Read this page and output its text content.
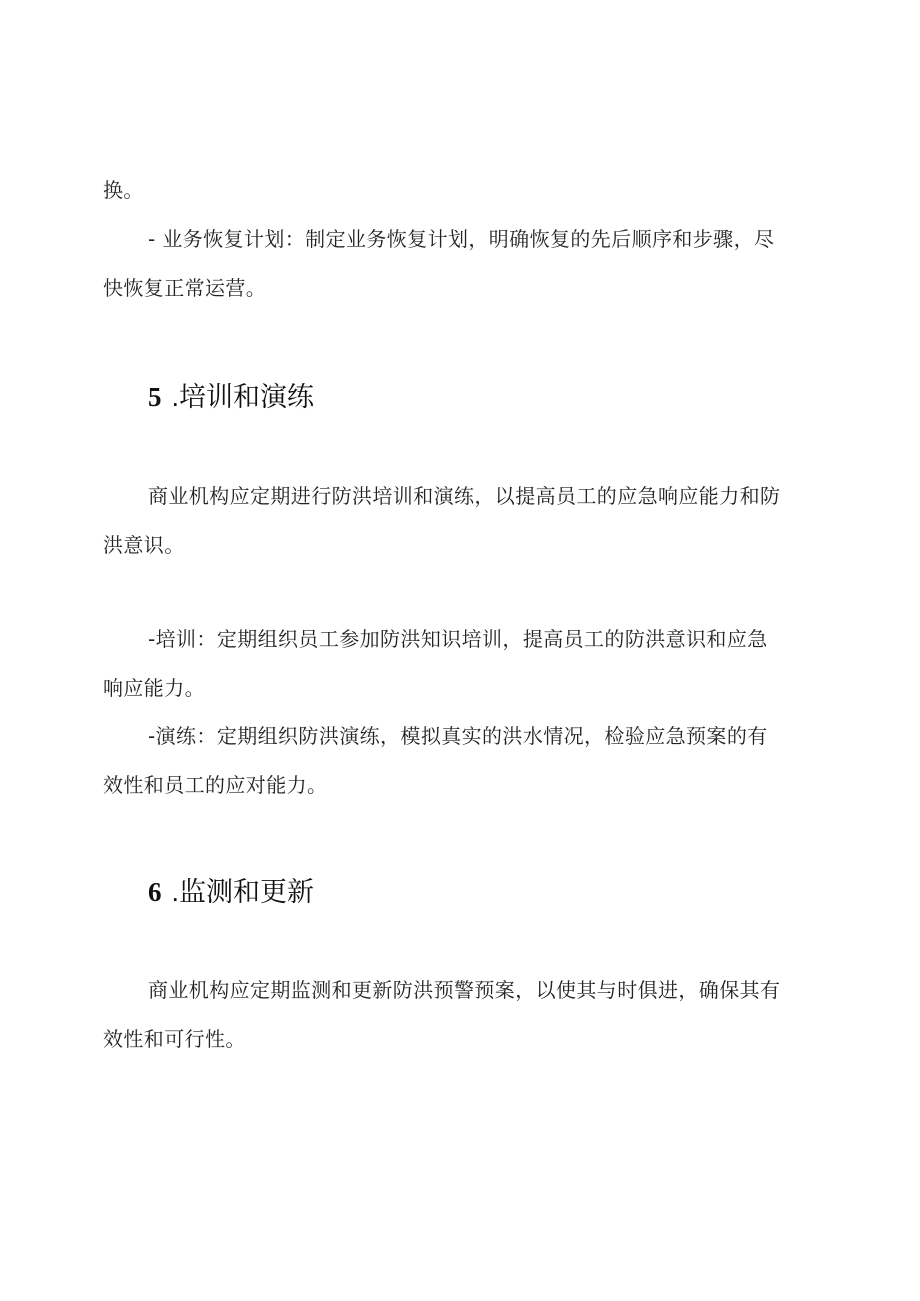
换。
- 业务恢复计划：制定业务恢复计划，明确恢复的先后顺序和步骤，尽
快恢复正常运营。
5 .培训和演练
商业机构应定期进行防洪培训和演练，以提高员工的应急响应能力和防
洪意识。
-培训：定期组织员工参加防洪知识培训，提高员工的防洪意识和应急
响应能力。
-演练：定期组织防洪演练，模拟真实的洪水情况，检验应急预案的有
效性和员工的应对能力。
6 .监测和更新
商业机构应定期监测和更新防洪预警预案，以使其与时俱进，确保其有
效性和可行性。
